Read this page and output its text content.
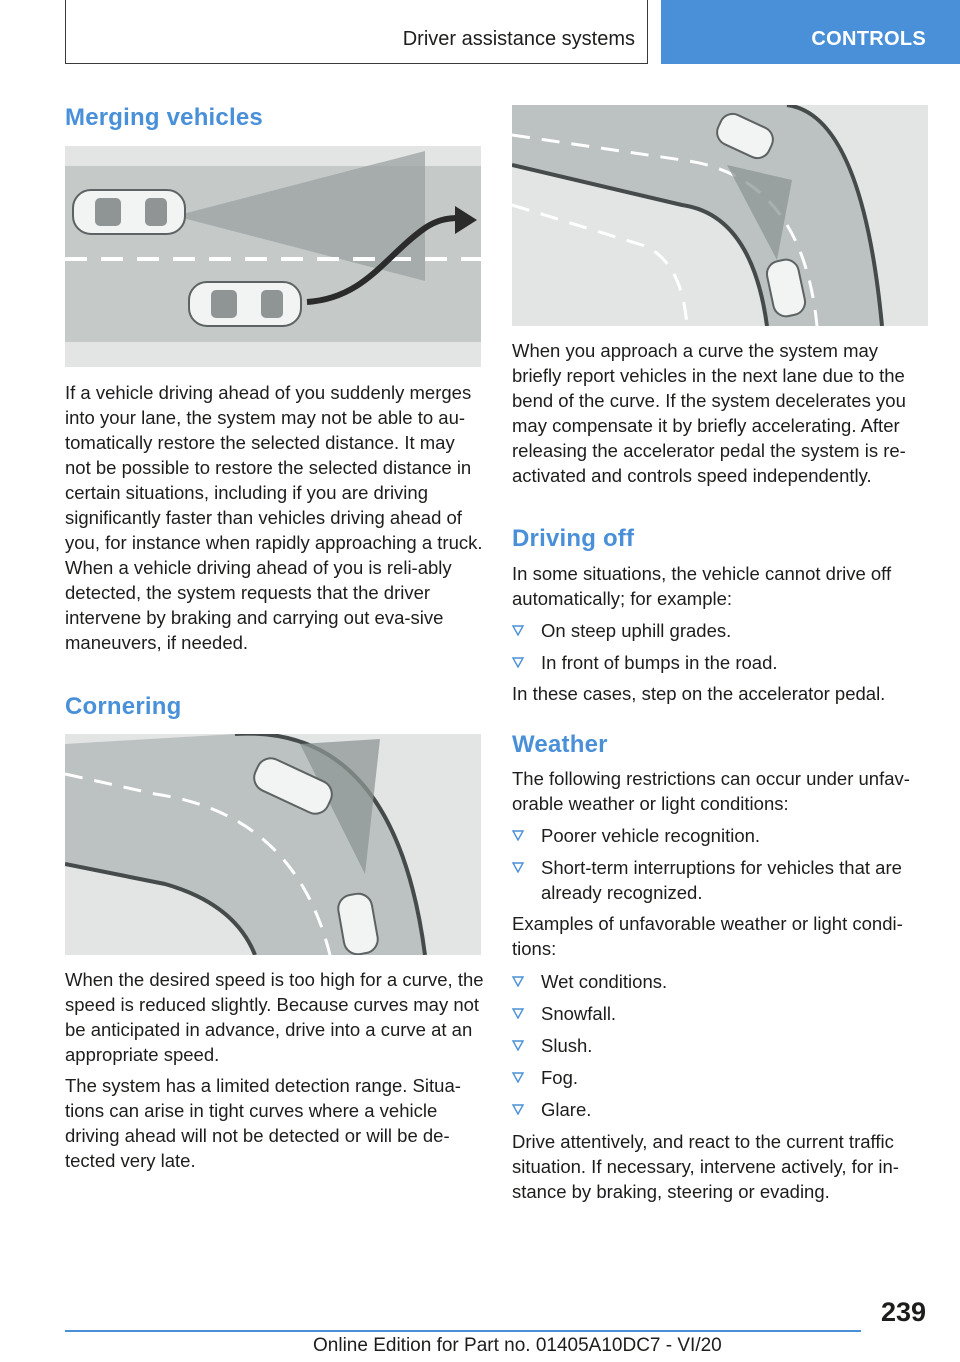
Driver assistance systems	CONTROLS
Merging vehicles

If a vehicle driving ahead of you suddenly merges into your lane, the system may not be able to au-tomatically restore the selected distance. It may not be possible to restore the selected distance in certain situations, including if you are driving significantly faster than vehicles driving ahead of you, for instance when rapidly approaching a truck. When a vehicle driving ahead of you is reli-ably detected, the system requests that the driver intervene by braking and carrying out eva-sive maneuvers, if needed.

Cornering

When the desired speed is too high for a curve, the speed is reduced slightly. Because curves may not be anticipated in advance, drive into a curve at an appropriate speed.

The system has a limited detection range. Situa-tions can arise in tight curves where a vehicle driving ahead will not be detected or will be de-tected very late.

When you approach a curve the system may briefly report vehicles in the next lane due to the bend of the curve. If the system decelerates you may compensate it by briefly accelerating. After releasing the accelerator pedal the system is re-activated and controls speed independently.

Driving off

In some situations, the vehicle cannot drive off automatically; for example:

On steep uphill grades.
In front of bumps in the road.

In these cases, step on the accelerator pedal.

Weather

The following restrictions can occur under unfav-orable weather or light conditions:

Poorer vehicle recognition.
Short-term interruptions for vehicles that are already recognized.

Examples of unfavorable weather or light condi-tions:

Wet conditions.
Snowfall.
Slush.
Fog.
Glare.

Drive attentively, and react to the current traffic situation. If necessary, intervene actively, for in-stance by braking, steering or evading.

239
Online Edition for Part no. 01405A10DC7 - VI/20
